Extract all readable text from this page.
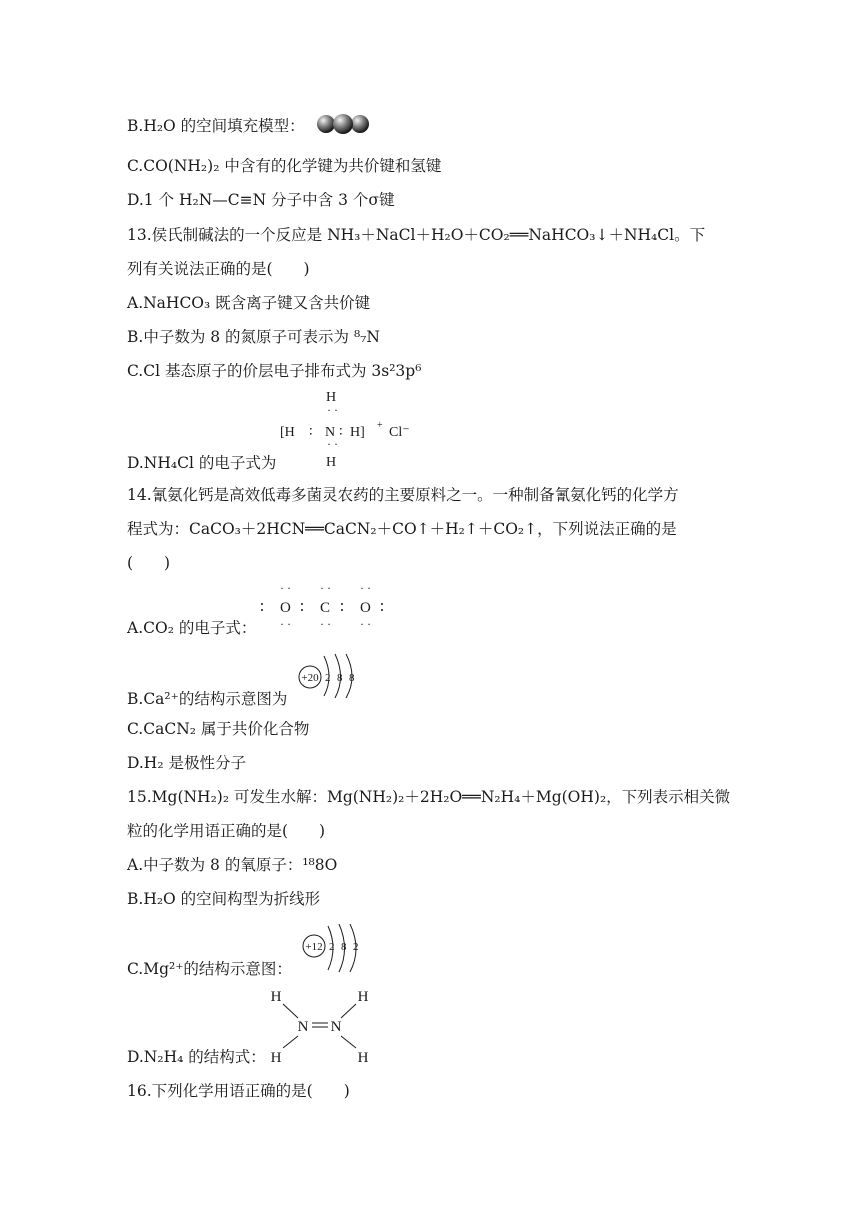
B.H₂O 的空间填充模型：
C.CO(NH₂)₂ 中含有的化学键为共价键和氢键
D.1 个 H₂N—C≡N 分子中含 3 个σ键
13.侯氏制碱法的一个反应是 NH₃＋NaCl＋H₂O＋CO₂══NaHCO₃↓＋NH₄Cl。下
列有关说法正确的是(　　)
A.NaHCO₃ 既含离子键又含共价键
B.中子数为 8 的氮原子可表示为 ⁸₇N
C.Cl 基态原子的价层电子排布式为 3s²3p⁶
H
· ·
[H ∶ N ∶ H] + Cl⁻
· ·
H
D.NH₄Cl 的电子式为
14.氰氨化钙是高效低毒多菌灵农药的主要原料之一。一种制备氰氨化钙的化学方
程式为：CaCO₃＋2HCN══CaCN₂＋CO↑＋H₂↑＋CO₂↑，下列说法正确的是
(　　)
· · · · · ·
∶ O ∶ C ∶ O ∶
· · · · · ·
A.CO₂ 的电子式：
+20 2 8 8
B.Ca²⁺的结构示意图为
C.CaCN₂ 属于共价化合物
D.H₂ 是极性分子
15.Mg(NH₂)₂ 可发生水解：Mg(NH₂)₂＋2H₂O══N₂H₄＋Mg(OH)₂，下列表示相关微
粒的化学用语正确的是(　　)
A.中子数为 8 的氧原子：¹⁸8O
B.H₂O 的空间构型为折线形
+12 2 8 2
C.Mg²⁺的结构示意图：
H	H
N N
H	H
D.N₂H₄ 的结构式：
16.下列化学用语正确的是(　　)
